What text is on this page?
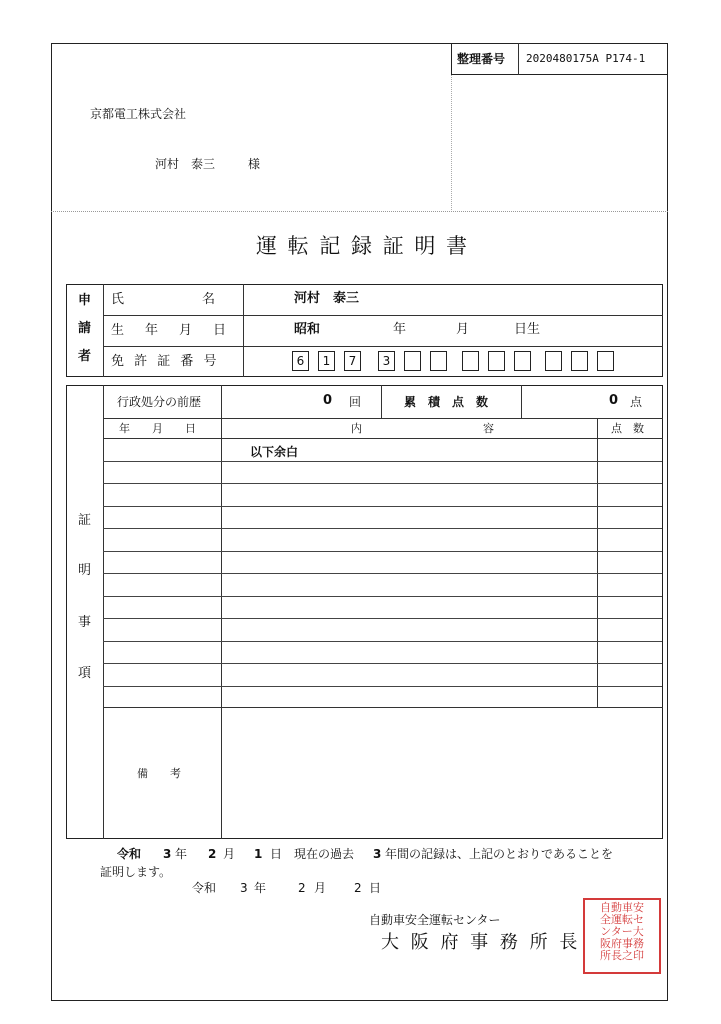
整理番号 2020480175A P174-1
京都電工株式会社
河村　泰三	様
運 転 記 録 証 明 書
申
請
者
氏　　　　　　名	河村　泰三
生　年　月　日	昭和	年	月	日生
免 許 証 番 号	6	1	7	3
行政処分の前歴	0 回	累　積　点　数	0 点
年　　月　　日	内　　　　　　　　　　　容	点　数
以下余白
証
明
事
項
備　　考
令和 3 年 2 月 1 日 現在の過去 3 年間の記録は、上記のとおりであることを
証明します。
令和 3 年	2 月 2 日
自動車安全運転センター
大 阪 府 事 務 所 長
自動車安
全運転セ
ンター大
阪府事務
所長之印
